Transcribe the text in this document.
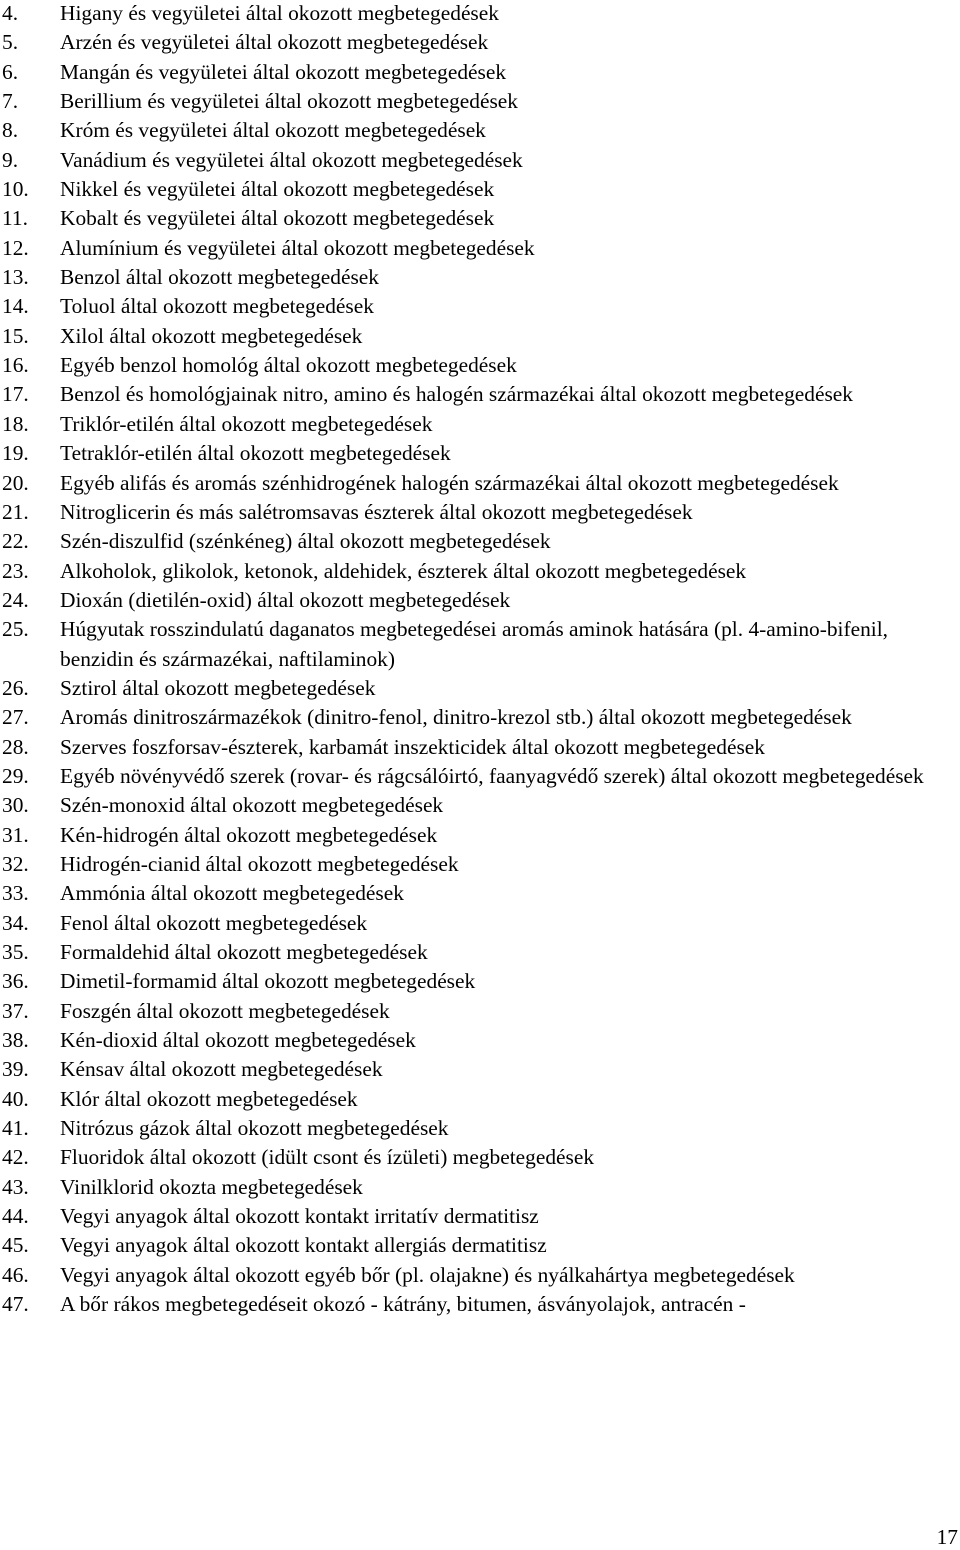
4.	Higany és vegyületei által okozott megbetegedések
5.	Arzén és vegyületei által okozott megbetegedések
6.	Mangán és vegyületei által okozott megbetegedések
7.	Berillium és vegyületei által okozott megbetegedések
8.	Króm és vegyületei által okozott megbetegedések
9.	Vanádium és vegyületei által okozott megbetegedések
10.	Nikkel és vegyületei által okozott megbetegedések
11.	Kobalt és vegyületei által okozott megbetegedések
12.	Alumínium és vegyületei által okozott megbetegedések
13.	Benzol által okozott megbetegedések
14.	Toluol által okozott megbetegedések
15.	Xilol által okozott megbetegedések
16.	Egyéb benzol homológ által okozott megbetegedések
17.	Benzol és homológjainak nitro, amino és halogén származékai által okozott megbetegedések
18.	Triklór-etilén által okozott megbetegedések
19.	Tetraklór-etilén által okozott megbetegedések
20.	Egyéb alifás és aromás szénhidrogének halogén származékai által okozott megbetegedések
21.	Nitroglicerin és más salétromsavas észterek által okozott megbetegedések
22.	Szén-diszulfid (szénkéneg) által okozott megbetegedések
23.	Alkoholok, glikolok, ketonok, aldehidek, észterek által okozott megbetegedések
24.	Dioxán (dietilén-oxid) által okozott megbetegedések
25.	Húgyutak rosszindulatú daganatos megbetegedései aromás aminok hatására (pl. 4-amino-bifenil, benzidin és származékai, naftilaminok)
26.	Sztirol által okozott megbetegedések
27.	Aromás dinitroszármazékok (dinitro-fenol, dinitro-krezol stb.) által okozott megbetegedések
28.	Szerves foszforsav-észterek, karbamát inszekticidek által okozott megbetegedések
29.	Egyéb növényvédő szerek (rovar- és rágcsálóirtó, faanyagvédő szerek) által okozott megbetegedések
30.	Szén-monoxid által okozott megbetegedések
31.	Kén-hidrogén által okozott megbetegedések
32.	Hidrogén-cianid által okozott megbetegedések
33.	Ammónia által okozott megbetegedések
34.	Fenol által okozott megbetegedések
35.	Formaldehid által okozott megbetegedések
36.	Dimetil-formamid által okozott megbetegedések
37.	Foszgén által okozott megbetegedések
38.	Kén-dioxid által okozott megbetegedések
39.	Kénsav által okozott megbetegedések
40.	Klór által okozott megbetegedések
41.	Nitrózus gázok által okozott megbetegedések
42.	Fluoridok által okozott (idült csont és ízületi) megbetegedések
43.	Vinilklorid okozta megbetegedések
44.	Vegyi anyagok által okozott kontakt irritatív dermatitisz
45.	Vegyi anyagok által okozott kontakt allergiás dermatitisz
46.	Vegyi anyagok által okozott egyéb bőr (pl. olajakne) és nyálkahártya megbetegedések
47.	A bőr rákos megbetegedéseit okozó - kátrány, bitumen, ásványolajok, antracén -
17
